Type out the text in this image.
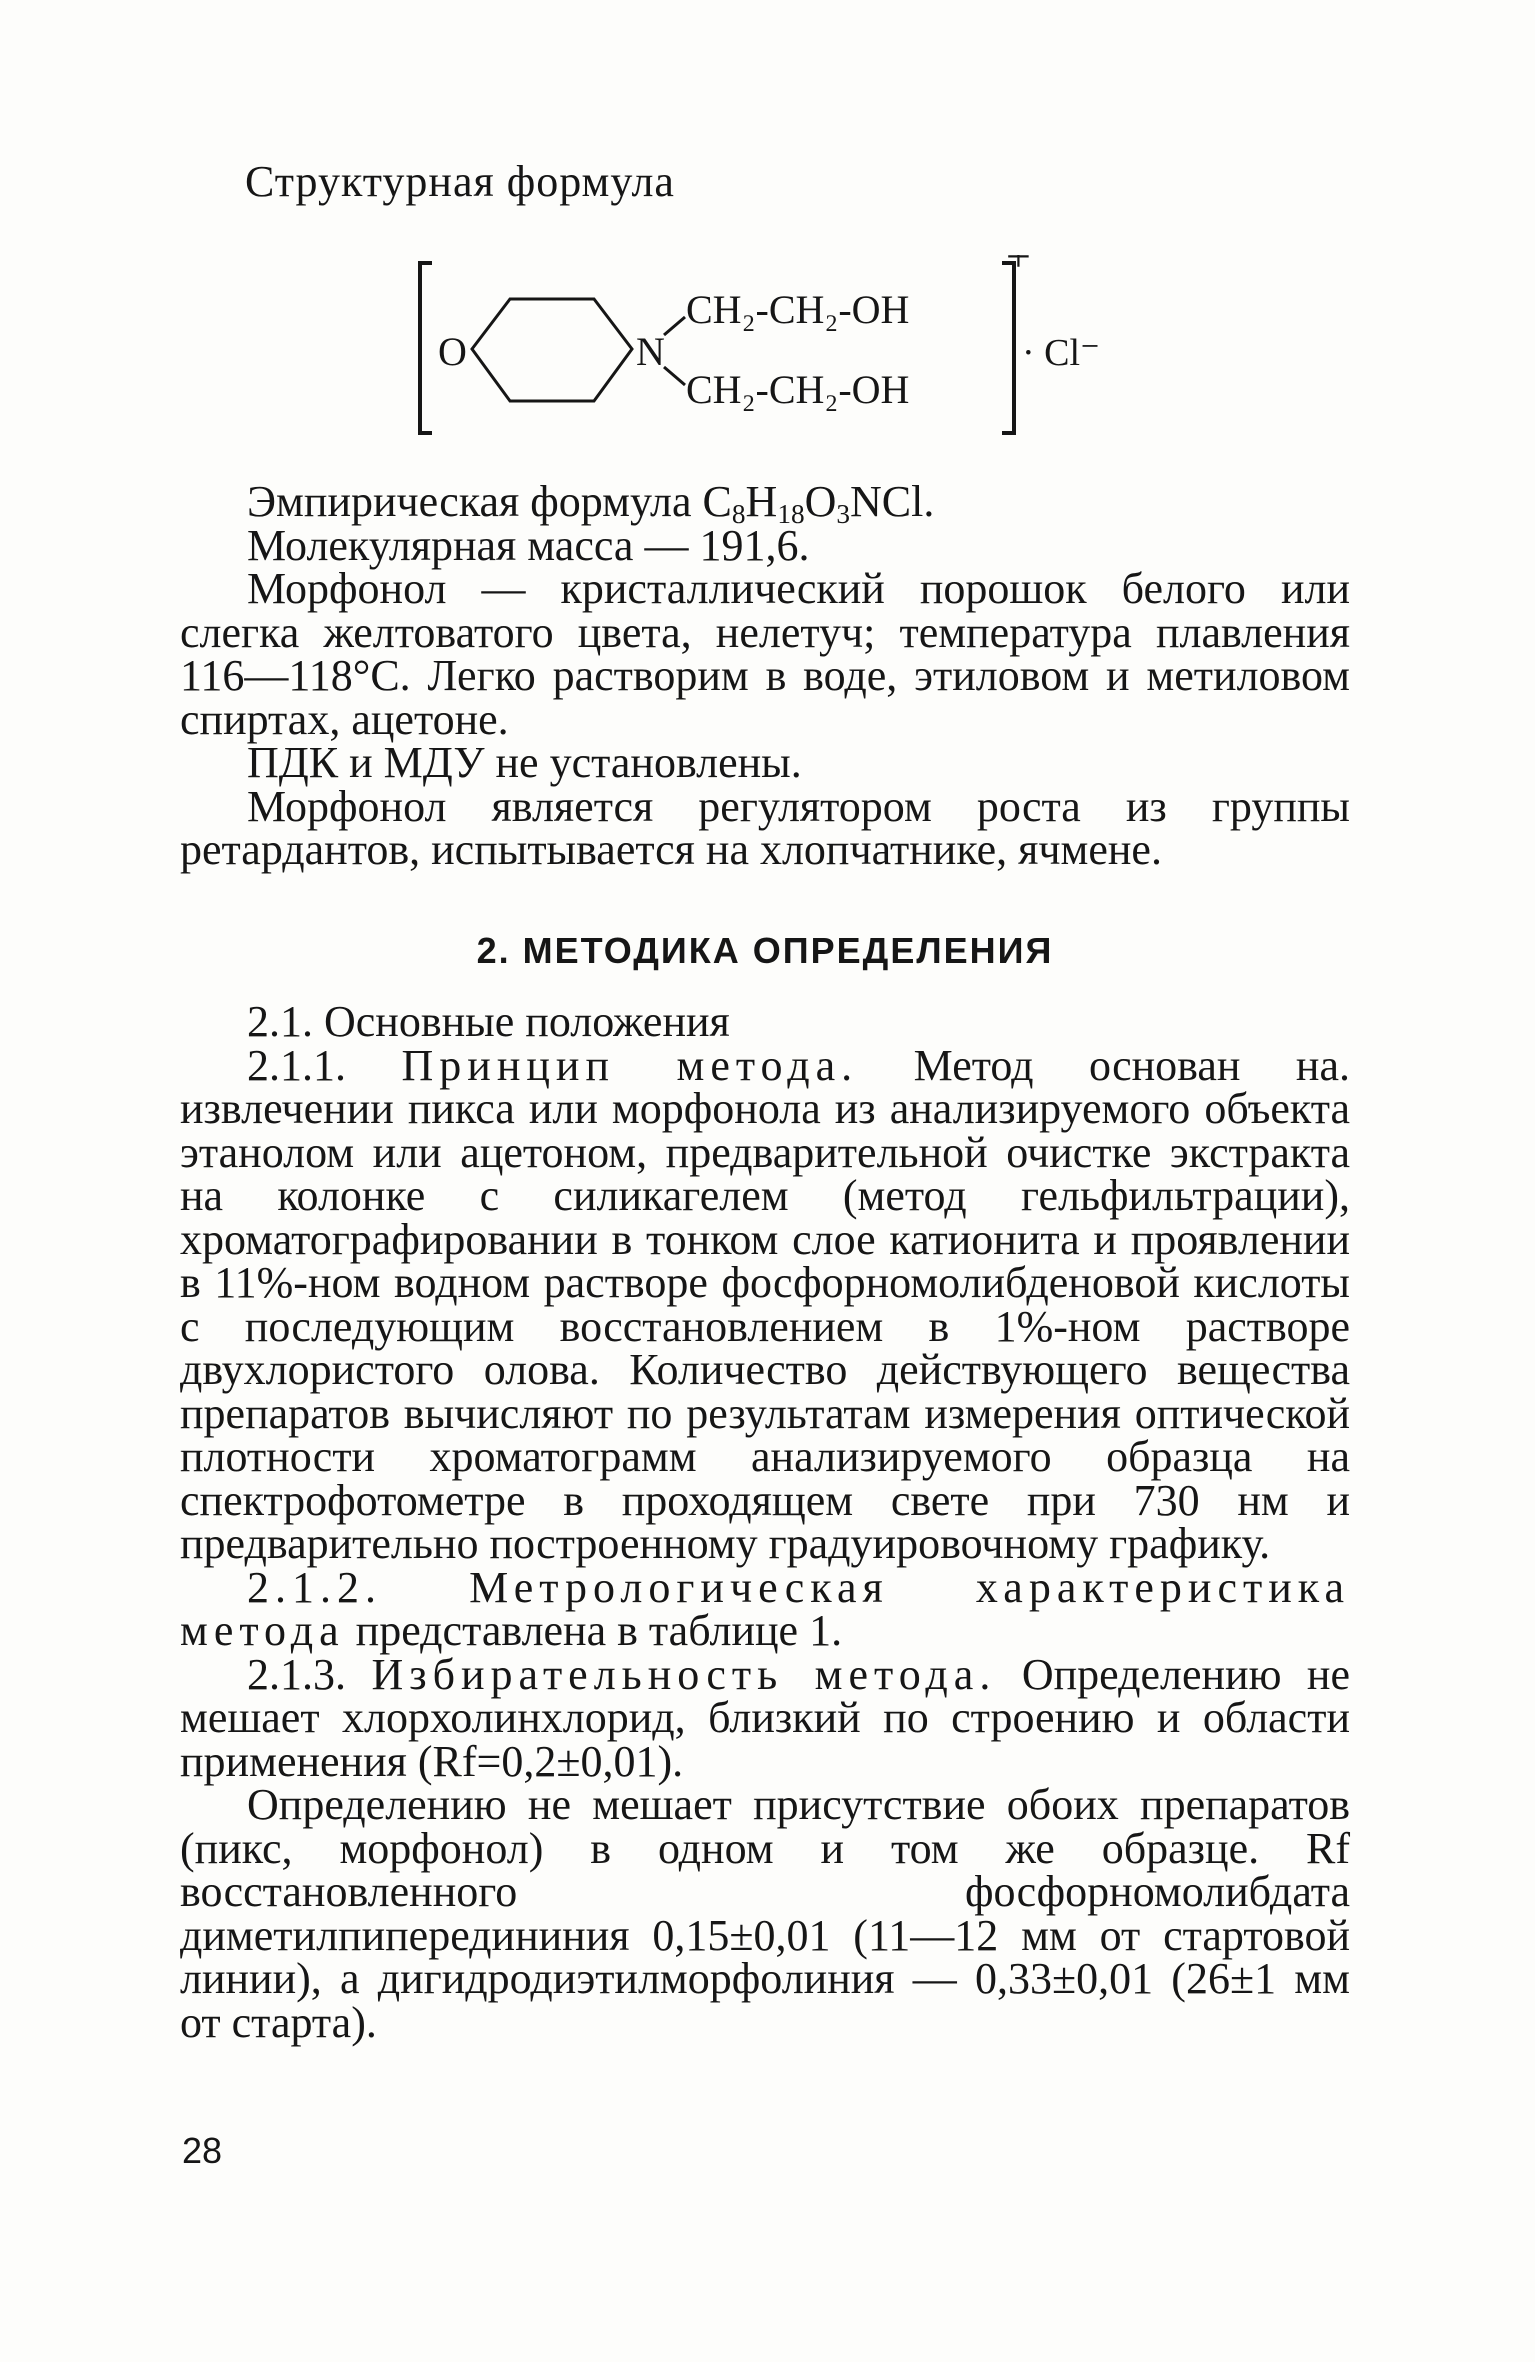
Структурная формула
O	N
CH₂-CH₂-OH
CH₂-CH₂-OH
+
· Cl⁻

Эмпирическая формула $C_8H_{18}O_3NCl$.

Молекулярная масса — 191,6.

Морфонол — кристаллический порошок белого или слегка желтоватого цвета, нелетуч; температура плавления 116—118°C. Легко растворим в воде, этиловом и метиловом спиртах, ацетоне.

ПДК и МДУ не установлены.

Морфонол является регулятором роста из группы ретардантов, испытывается на хлопчатнике, ячмене.

2. МЕТОДИКА ОПРЕДЕЛЕНИЯ

2.1. Основные положения

2.1.1. Принцип метода. Метод основан на. извлечении пикса или морфонола из анализируемого объекта этанолом или ацетоном, предварительной очистке экстракта на колонке с силикагелем (метод гельфильтрации), хроматографировании в тонком слое катионита и проявлении в 11%-ном водном растворе фосфорномолибденовой кислоты с последующим восстановлением в 1%-ном растворе двухлористого олова. Количество действующего вещества препаратов вычисляют по результатам измерения оптической плотности хроматограмм анализируемого образца на спектрофотометре в проходящем свете при 730 нм и предварительно построенному градуировочному графику.

2.1.2. Метрологическая характеристика

метода представлена в таблице 1.

2.1.3. Избирательность метода. Определению не мешает хлорхолинхлорид, близкий по строению и области применения (Rf=0,2±0,01).

Определению не мешает присутствие обоих препаратов (пикс, морфонол) в одном и том же образце. Rf восстановленного фосфорномолибдата диметилпипередининия 0,15±0,01 (11—12 мм от стартовой линии), а дигидродиэтилморфолиния — 0,33±0,01 (26±1 мм от старта).

28
